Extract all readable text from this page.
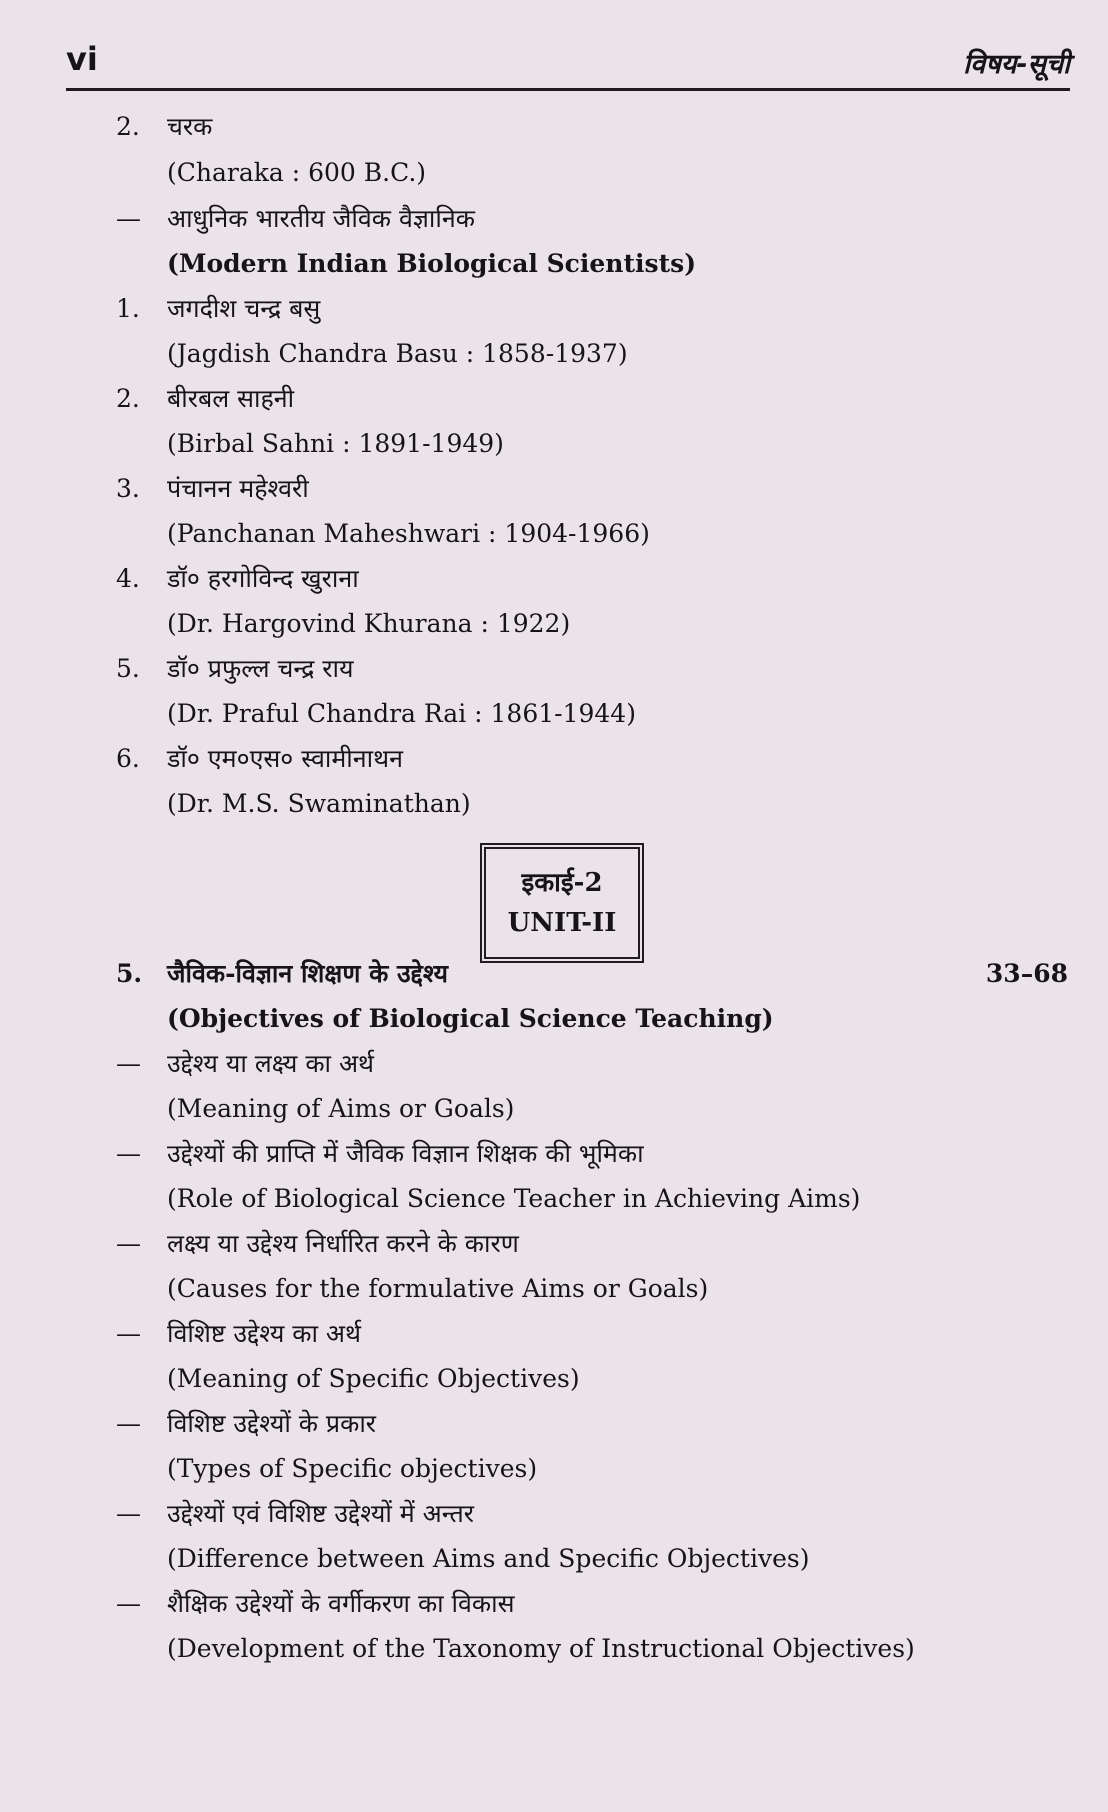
vi	विषय-सूची
2. चरक
(Charaka : 600 B.C.)
— आधुनिक भारतीय जैविक वैज्ञानिक
(Modern Indian Biological Scientists)
1. जगदीश चन्द्र बसु
(Jagdish Chandra Basu : 1858-1937)
2. बीरबल साहनी
(Birbal Sahni : 1891-1949)
3. पंचानन महेश्वरी
(Panchanan Maheshwari : 1904-1966)
4. डॉ० हरगोविन्द खुराना
(Dr. Hargovind Khurana : 1922)
5. डॉ० प्रफुल्ल चन्द्र राय
(Dr. Praful Chandra Rai : 1861-1944)
6. डॉ० एम०एस० स्वामीनाथन
(Dr. M.S. Swaminathan)
इकाई-2
UNIT-II
5. जैविक-विज्ञान शिक्षण के उद्देश्य	33–68
(Objectives of Biological Science Teaching)
— उद्देश्य या लक्ष्य का अर्थ
(Meaning of Aims or Goals)
— उद्देश्यों की प्राप्ति में जैविक विज्ञान शिक्षक की भूमिका
(Role of Biological Science Teacher in Achieving Aims)
— लक्ष्य या उद्देश्य निर्धारित करने के कारण
(Causes for the formulative Aims or Goals)
— विशिष्ट उद्देश्य का अर्थ
(Meaning of Specific Objectives)
— विशिष्ट उद्देश्यों के प्रकार
(Types of Specific objectives)
— उद्देश्यों एवं विशिष्ट उद्देश्यों में अन्तर
(Difference between Aims and Specific Objectives)
— शैक्षिक उद्देश्यों के वर्गीकरण का विकास
(Development of the Taxonomy of Instructional Objectives)
